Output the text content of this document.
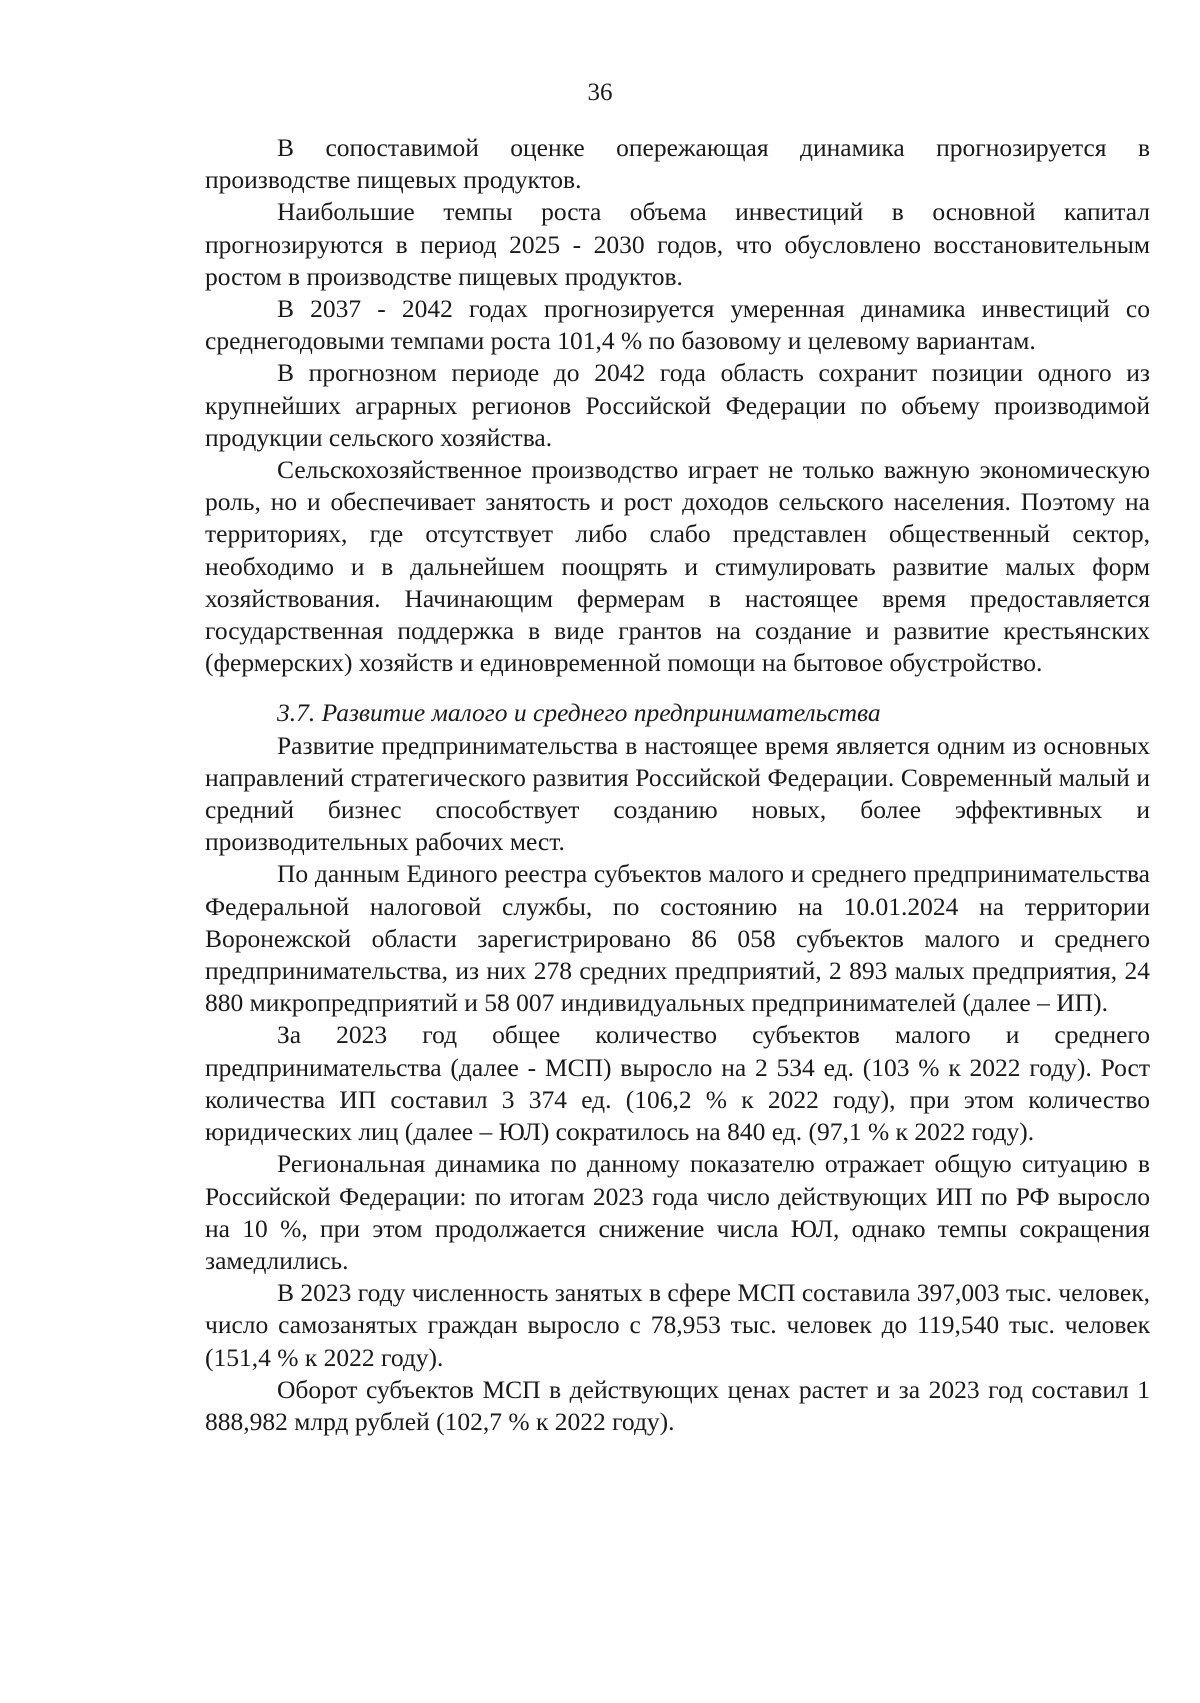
36

В сопоставимой оценке опережающая динамика прогнозируется в производстве пищевых продуктов.

Наибольшие темпы роста объема инвестиций в основной капитал прогнозируются в период 2025 - 2030 годов, что обусловлено восстановительным ростом в производстве пищевых продуктов.

В 2037 - 2042 годах прогнозируется умеренная динамика инвестиций со среднегодовыми темпами роста 101,4 % по базовому и целевому вариантам.

В прогнозном периоде до 2042 года область сохранит позиции одного из крупнейших аграрных регионов Российской Федерации по объему производимой продукции сельского хозяйства.

Сельскохозяйственное производство играет не только важную экономическую роль, но и обеспечивает занятость и рост доходов сельского населения. Поэтому на территориях, где отсутствует либо слабо представлен общественный сектор, необходимо и в дальнейшем поощрять и стимулировать развитие малых форм хозяйствования. Начинающим фермерам в настоящее время предоставляется государственная поддержка в виде грантов на создание и развитие крестьянских (фермерских) хозяйств и единовременной помощи на бытовое обустройство.

3.7. Развитие малого и среднего предпринимательства

Развитие предпринимательства в настоящее время является одним из основных направлений стратегического развития Российской Федерации. Современный малый и средний бизнес способствует созданию новых, более эффективных и производительных рабочих мест.

По данным Единого реестра субъектов малого и среднего предпринимательства Федеральной налоговой службы, по состоянию на 10.01.2024 на территории Воронежской области зарегистрировано 86 058 субъектов малого и среднего предпринимательства, из них 278 средних предприятий, 2 893 малых предприятия, 24 880 микропредприятий и 58 007 индивидуальных предпринимателей (далее – ИП).

За 2023 год общее количество субъектов малого и среднего предпринимательства (далее - МСП) выросло на 2 534 ед. (103 % к 2022 году). Рост количества ИП составил 3 374 ед. (106,2 % к 2022 году), при этом количество юридических лиц (далее – ЮЛ) сократилось на 840 ед. (97,1 % к 2022 году).

Региональная динамика по данному показателю отражает общую ситуацию в Российской Федерации: по итогам 2023 года число действующих ИП по РФ выросло на 10 %, при этом продолжается снижение числа ЮЛ, однако темпы сокращения замедлились.

В 2023 году численность занятых в сфере МСП составила 397,003 тыс. человек, число самозанятых граждан выросло с 78,953 тыс. человек до 119,540 тыс. человек (151,4 % к 2022 году).

Оборот субъектов МСП в действующих ценах растет и за 2023 год составил 1 888,982 млрд рублей (102,7 % к 2022 году).
